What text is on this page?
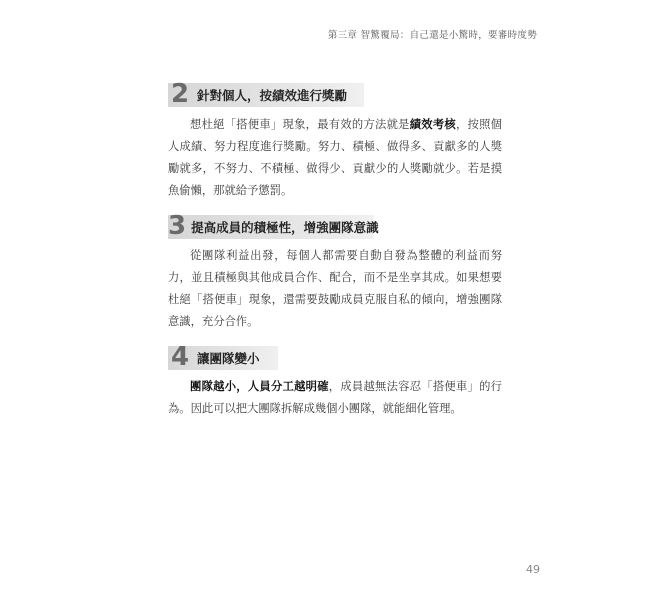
第三章 智驚覆局：自己還是小驚時，要審時度勢
2 針對個人，按績效進行獎勵

想杜絕「搭便車」現象，最有效的方法就是績效考核，按照個人成績、努力程度進行獎勵。努力、積極、做得多、貢獻多的人獎勵就多，不努力、不積極、做得少、貢獻少的人獎勵就少。若是摸魚偷懶，那就給予懲罰。

3 提高成員的積極性，增強團隊意識

從團隊利益出發，每個人都需要自動自發為整體的利益而努力，並且積極與其他成員合作、配合，而不是坐享其成。如果想要杜絕「搭便車」現象，還需要鼓勵成員克服自私的傾向，增強團隊意識，充分合作。

4 讓團隊變小

團隊越小，人員分工越明確，成員越無法容忍「搭便車」的行為。因此可以把大團隊拆解成幾個小團隊，就能細化管理。

49
